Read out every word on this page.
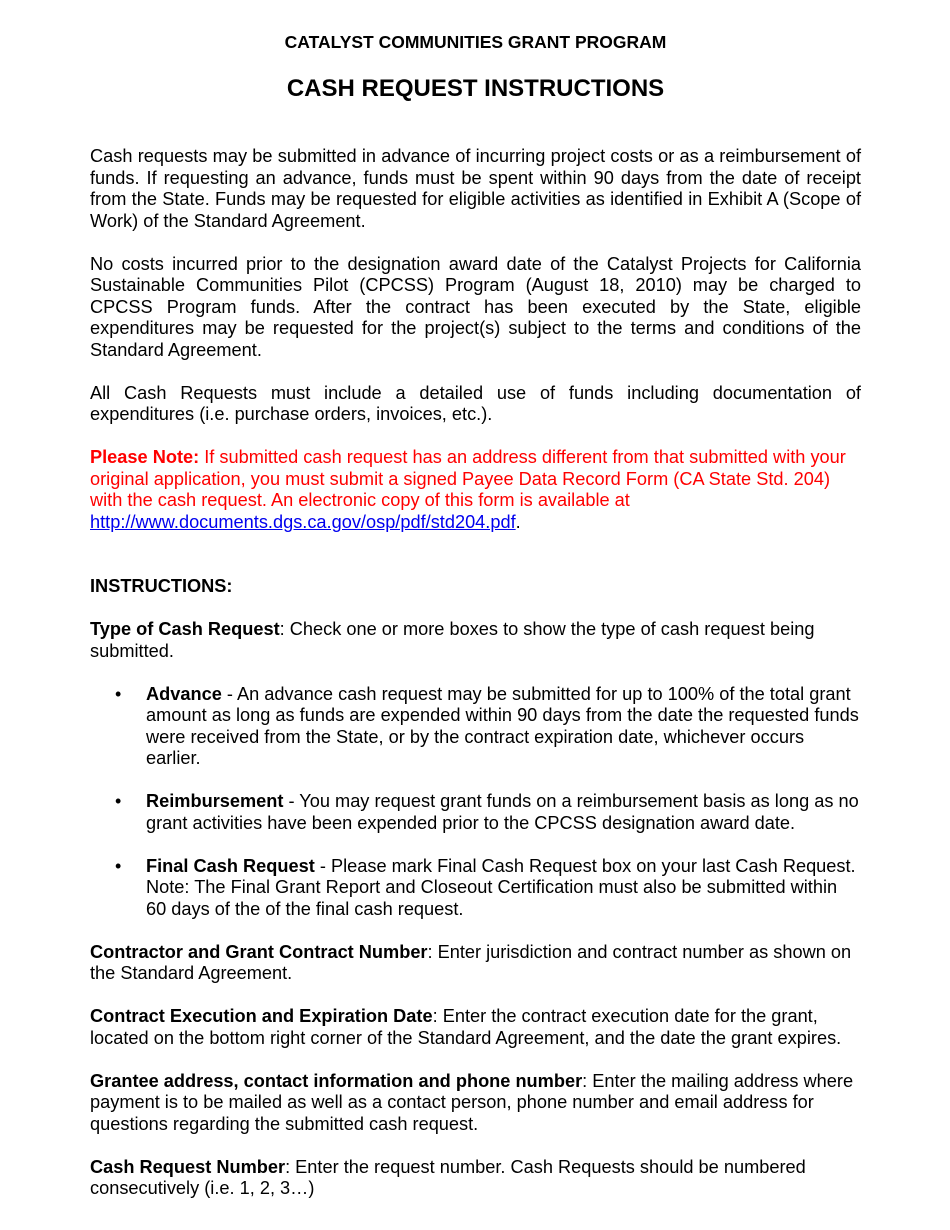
CATALYST COMMUNITIES GRANT PROGRAM
CASH REQUEST INSTRUCTIONS

Cash requests may be submitted in advance of incurring project costs or as a reimbursement of funds. If requesting an advance, funds must be spent within 90 days from the date of receipt from the State. Funds may be requested for eligible activities as identified in Exhibit A (Scope of Work) of the Standard Agreement.

No costs incurred prior to the designation award date of the Catalyst Projects for California Sustainable Communities Pilot (CPCSS) Program (August 18, 2010) may be charged to CPCSS Program funds. After the contract has been executed by the State, eligible expenditures may be requested for the project(s) subject to the terms and conditions of the Standard Agreement.

All Cash Requests must include a detailed use of funds including documentation of expenditures (i.e. purchase orders, invoices, etc.).

Please Note: If submitted cash request has an address different from that submitted with your original application, you must submit a signed Payee Data Record Form (CA State Std. 204) with the cash request. An electronic copy of this form is available at http://www.documents.dgs.ca.gov/osp/pdf/std204.pdf.

INSTRUCTIONS:

Type of Cash Request: Check one or more boxes to show the type of cash request being submitted.

• Advance - An advance cash request may be submitted for up to 100% of the total grant amount as long as funds are expended within 90 days from the date the requested funds were received from the State, or by the contract expiration date, whichever occurs earlier.
• Reimbursement - You may request grant funds on a reimbursement basis as long as no grant activities have been expended prior to the CPCSS designation award date.
• Final Cash Request - Please mark Final Cash Request box on your last Cash Request. Note: The Final Grant Report and Closeout Certification must also be submitted within 60 days of the of the final cash request.

Contractor and Grant Contract Number: Enter jurisdiction and contract number as shown on the Standard Agreement.

Contract Execution and Expiration Date: Enter the contract execution date for the grant, located on the bottom right corner of the Standard Agreement, and the date the grant expires.

Grantee address, contact information and phone number: Enter the mailing address where payment is to be mailed as well as a contact person, phone number and email address for questions regarding the submitted cash request.

Cash Request Number: Enter the request number. Cash Requests should be numbered consecutively (i.e. 1, 2, 3…)
